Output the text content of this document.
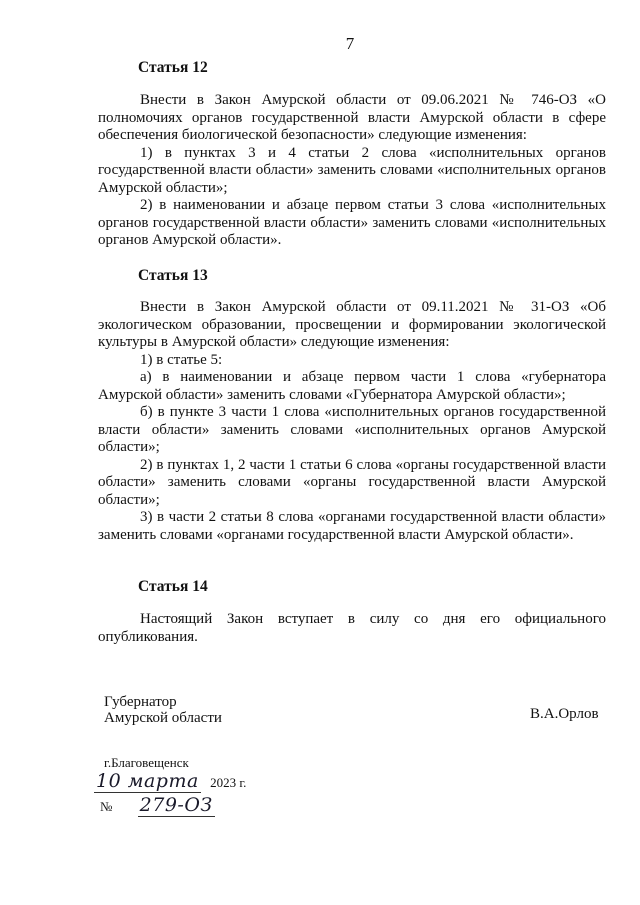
7
Статья 12

Внести в Закон Амурской области от 09.06.2021 № 746-ОЗ «О полномочиях органов государственной власти Амурской области в сфере обеспечения биологической безопасности» следующие изменения:

1) в пунктах 3 и 4 статьи 2 слова «исполнительных органов государственной власти области» заменить словами «исполнительных органов Амурской области»;

2) в наименовании и абзаце первом статьи 3 слова «исполнительных органов государственной власти области» заменить словами «исполнительных органов Амурской области».

Статья 13

Внести в Закон Амурской области от 09.11.2021 № 31-ОЗ «Об экологическом образовании, просвещении и формировании экологической культуры в Амурской области» следующие изменения:

1) в статье 5:

а) в наименовании и абзаце первом части 1 слова «губернатора Амурской области» заменить словами «Губернатора Амурской области»;

б) в пункте 3 части 1 слова «исполнительных органов государственной власти области» заменить словами «исполнительных органов Амурской области»;

2) в пунктах 1, 2 части 1 статьи 6 слова «органы государственной власти области» заменить словами «органы государственной власти Амурской области»;

3) в части 2 статьи 8 слова «органами государственной власти области» заменить словами «органами государственной власти Амурской области».

Статья 14

Настоящий Закон вступает в силу со дня его официального опубликования.

Губернатор
Амурской области	В.А.Орлов
г.Благовещенск
10 марта 2023 г.
№ 279-ОЗ
